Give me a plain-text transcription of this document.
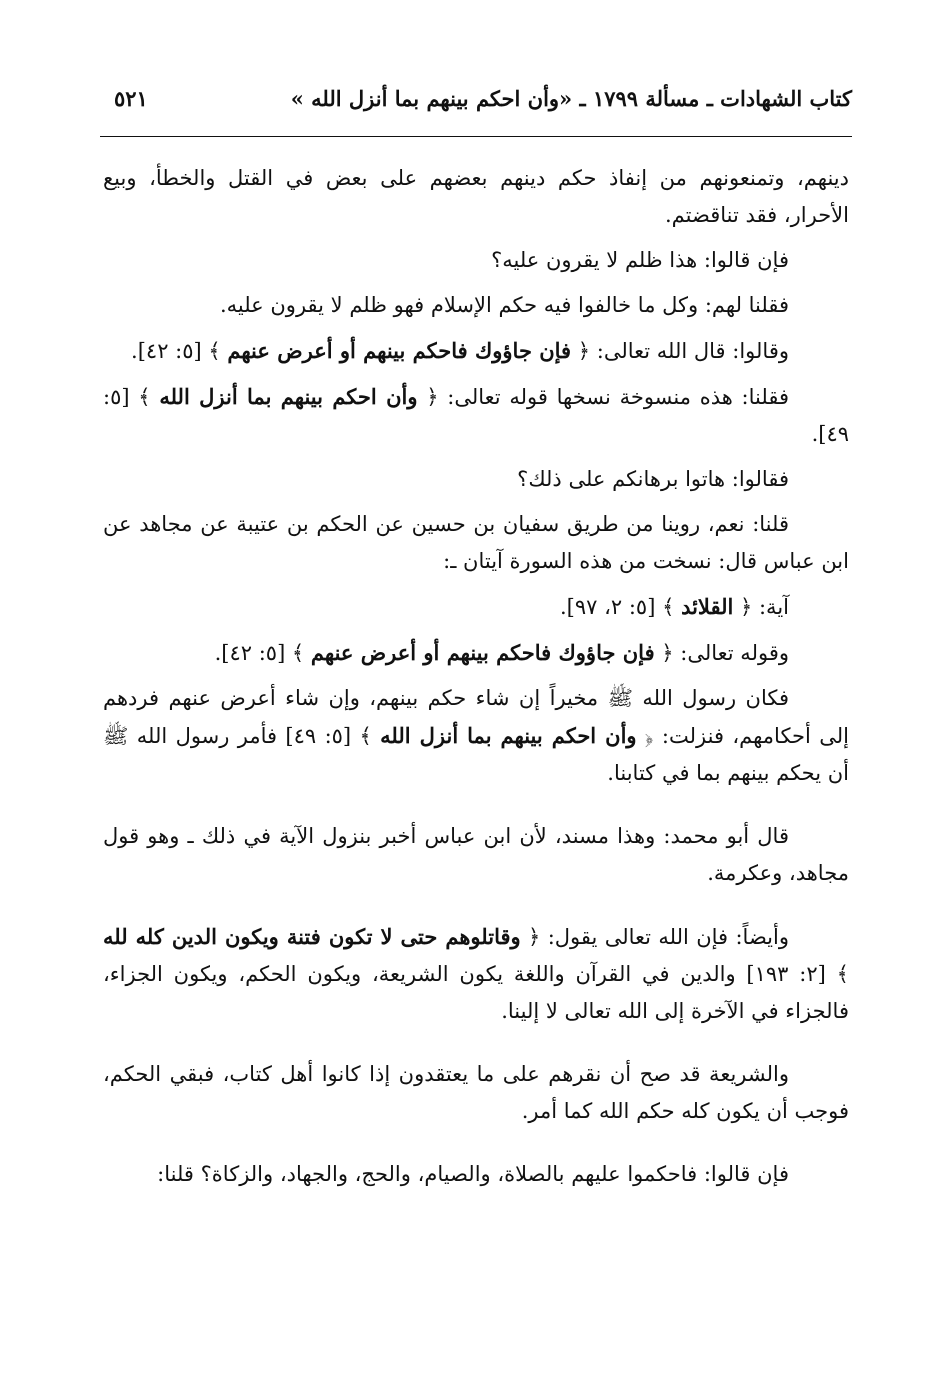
كتاب الشهادات ـ مسألة ١٧٩٩ ـ «وأن احكم بينهم بما أنزل الله »
٥٢١

دينهم، وتمنعونهم من إنفاذ حكم دينهم بعضهم على بعض في القتل والخطأ، وبيع الأحرار، فقد تناقضتم.

فإن قالوا: هذا ظلم لا يقرون عليه؟

فقلنا لهم: وكل ما خالفوا فيه حكم الإسلام فهو ظلم لا يقرون عليه.

وقالوا: قال الله تعالى: ﴿ فإن جاؤوك فاحكم بينهم أو أعرض عنهم ﴾ [٥: ٤٢].

فقلنا: هذه منسوخة نسخها قوله تعالى: ﴿ وأن احكم بينهم بما أنزل الله ﴾ [٥: ٤٩].

فقالوا: هاتوا برهانكم على ذلك؟

قلنا: نعم، روينا من طريق سفيان بن حسين عن الحكم بن عتيبة عن مجاهد عن ابن عباس قال: نسخت من هذه السورة آيتان ـ:

آية: ﴿ القلائد ﴾ [٥: ٢، ٩٧].

وقوله تعالى: ﴿ فإن جاؤوك فاحكم بينهم أو أعرض عنهم ﴾ [٥: ٤٢].

فكان رسول الله ﷺ مخيراً إن شاء حكم بينهم، وإن شاء أعرض عنهم فردهم إلى أحكامهم، فنزلت: ﴿ وأن احكم بينهم بما أنزل الله ﴾ [٥: ٤٩] فأمر رسول الله ﷺ أن يحكم بينهم بما في كتابنا.

قال أبو محمد: وهذا مسند، لأن ابن عباس أخبر بنزول الآية في ذلك ـ وهو قول مجاهد، وعكرمة.

وأيضاً: فإن الله تعالى يقول: ﴿ وقاتلوهم حتى لا تكون فتنة ويكون الدين كله لله ﴾ [٢: ١٩٣] والدين في القرآن واللغة يكون الشريعة، ويكون الحكم، ويكون الجزاء، فالجزاء في الآخرة إلى الله تعالى لا إلينا.

والشريعة قد صح أن نقرهم على ما يعتقدون إذا كانوا أهل كتاب، فبقي الحكم، فوجب أن يكون كله حكم الله كما أمر.

فإن قالوا: فاحكموا عليهم بالصلاة، والصيام، والحج، والجهاد، والزكاة؟ قلنا:
